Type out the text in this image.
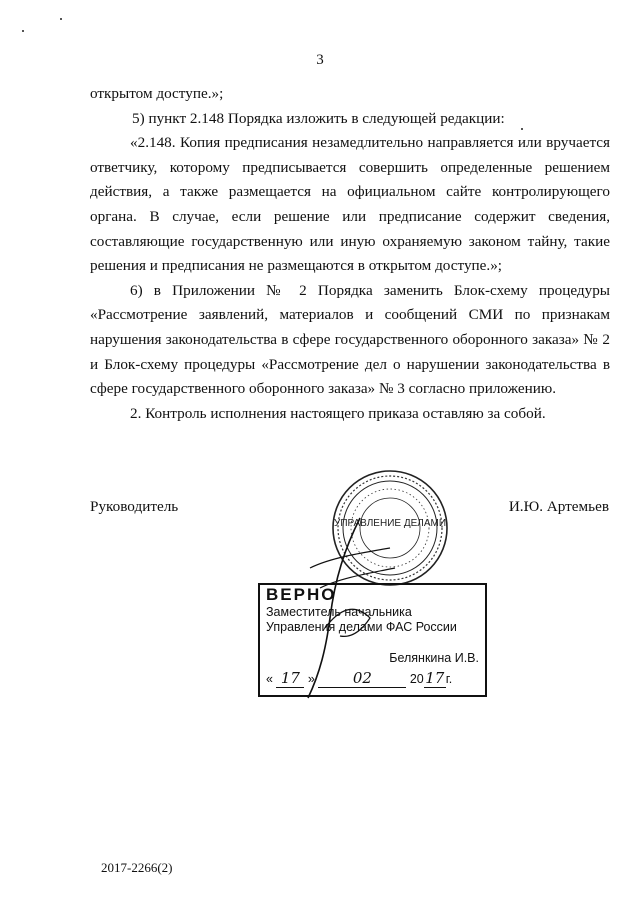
3
открытом доступе.»;
5) пункт 2.148 Порядка изложить в следующей редакции:
«2.148. Копия предписания незамедлительно направляется или вручается
ответчику, которому предписывается совершить определенные решением
действия, а также размещается на официальном сайте контролирующего
органа. В случае, если решение или предписание содержит сведения,
составляющие государственную или иную охраняемую законом тайну, такие
решения и предписания не размещаются в открытом доступе.»;
6) в Приложении № 2 Порядка заменить Блок-схему процедуры
«Рассмотрение заявлений, материалов и сообщений СМИ по признакам
нарушения законодательства в сфере государственного оборонного заказа» № 2
и Блок-схему процедуры «Рассмотрение дел о нарушении законодательства в
сфере государственного оборонного заказа» № 3 согласно приложению.
2. Контроль исполнения настоящего приказа оставляю за собой.
Руководитель	И.Ю. Артемьев
УПРАВЛЕНИЕ ДЕЛАМИ
ВЕРНО
Заместитель начальника
Управления делами ФАС России
Белянкина И.В.
« 17 »	02	2017г.
2017-2266(2)
